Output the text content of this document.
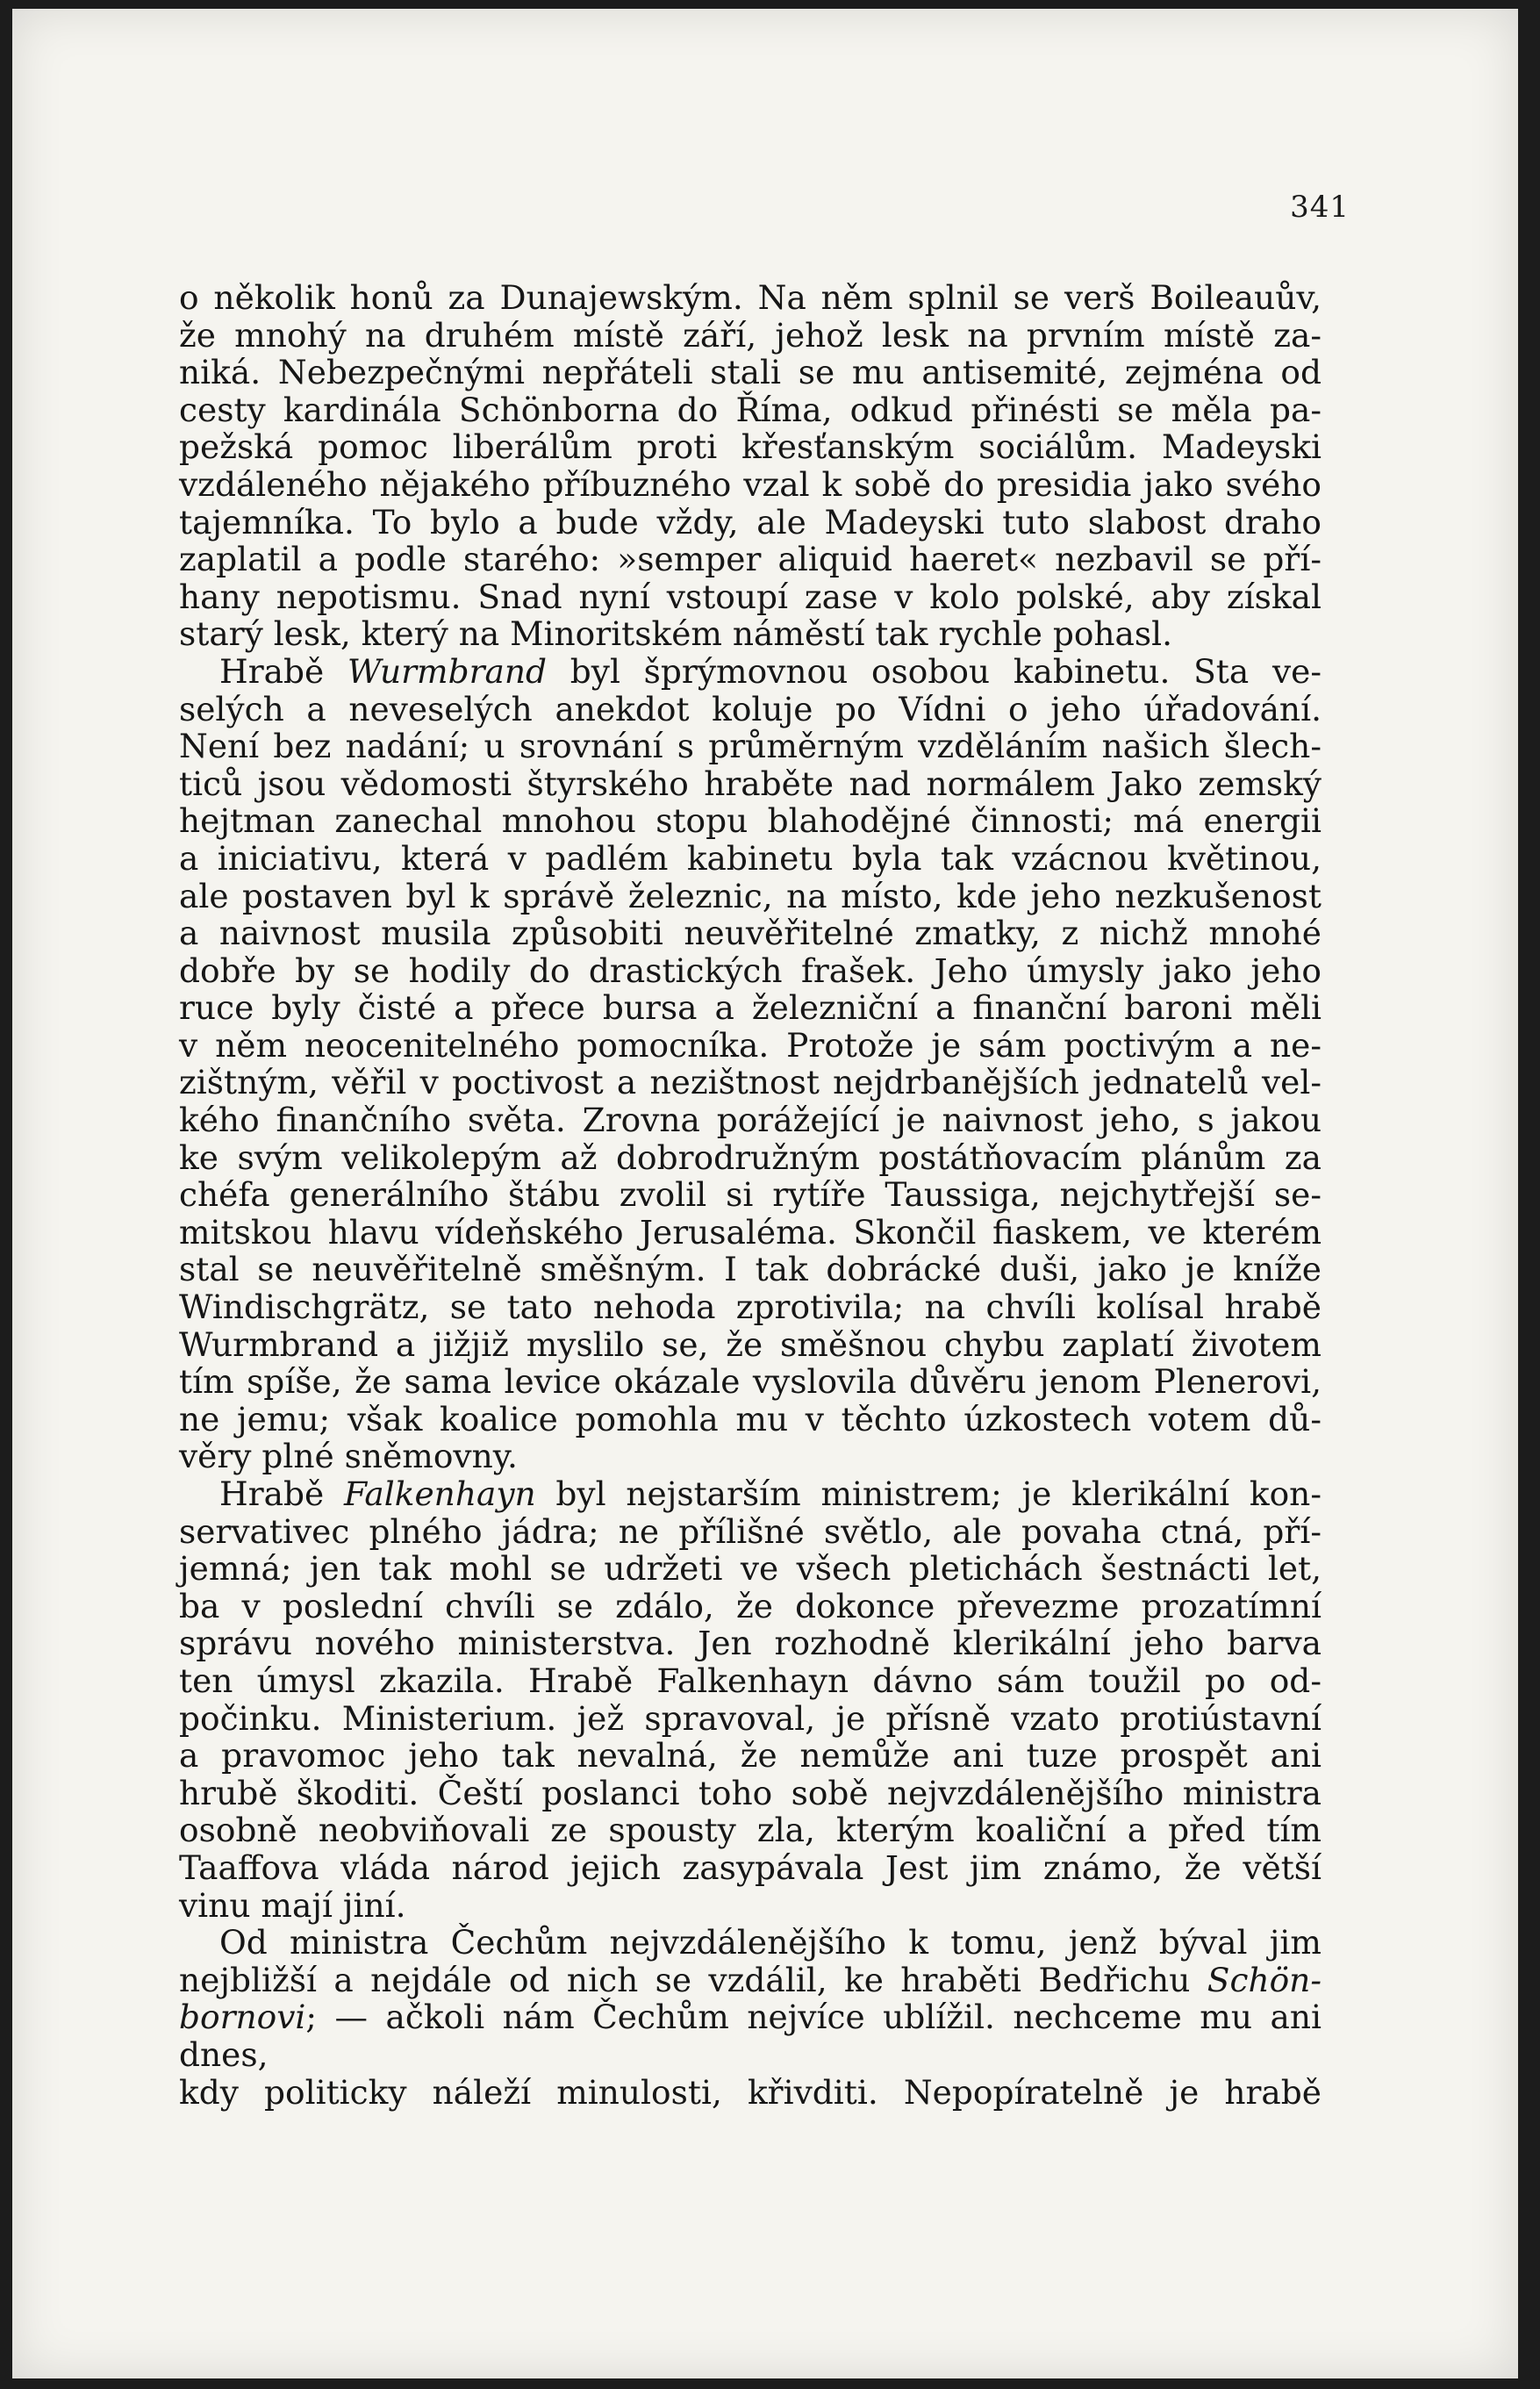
341

o několik honů za Dunajewským. Na něm splnil se verš Boileauův,

že mnohý na druhém místě září, jehož lesk na prvním místě za-

niká. Nebezpečnými nepřáteli stali se mu antisemité, zejména od

cesty kardinála Schönborna do Říma, odkud přinésti se měla pa-

pežská pomoc liberálům proti křesťanským sociálům. Madeyski

vzdáleného nějakého příbuzného vzal k sobě do presidia jako svého

tajemníka. To bylo a bude vždy, ale Madeyski tuto slabost draho

zaplatil a podle starého: »semper aliquid haeret« nezbavil se pří-

hany nepotismu. Snad nyní vstoupí zase v kolo polské, aby získal

starý lesk, který na Minoritském náměstí tak rychle pohasl.

Hrabě Wurmbrand byl šprýmovnou osobou kabinetu. Sta ve-

selých a neveselých anekdot koluje po Vídni o jeho úřadování.

Není bez nadání; u srovnání s průměrným vzděláním našich šlech-

ticů jsou vědomosti štyrského hraběte nad normálem Jako zemský

hejtman zanechal mnohou stopu blahodějné činnosti; má energii

a iniciativu, která v padlém kabinetu byla tak vzácnou květinou,

ale postaven byl k správě železnic, na místo, kde jeho nezkušenost

a naivnost musila způsobiti neuvěřitelné zmatky, z nichž mnohé

dobře by se hodily do drastických frašek. Jeho úmysly jako jeho

ruce byly čisté a přece bursa a železniční a finanční baroni měli

v něm neocenitelného pomocníka. Protože je sám poctivým a ne-

zištným, věřil v poctivost a nezištnost nejdrbanějších jednatelů vel-

kého finančního světa. Zrovna porážející je naivnost jeho, s jakou

ke svým velikolepým až dobrodružným postátňovacím plánům za

chéfa generálního štábu zvolil si rytíře Taussiga, nejchytřejší se-

mitskou hlavu vídeňského Jerusaléma. Skončil fiaskem, ve kterém

stal se neuvěřitelně směšným. I tak dobrácké duši, jako je kníže

Windischgrätz, se tato nehoda zprotivila; na chvíli kolísal hrabě

Wurmbrand a jižjiž myslilo se, že směšnou chybu zaplatí životem

tím spíše, že sama levice okázale vyslovila důvěru jenom Plenerovi,

ne jemu; však koalice pomohla mu v těchto úzkostech votem dů-

věry plné sněmovny.

Hrabě Falkenhayn byl nejstarším ministrem; je klerikální kon-

servativec plného jádra; ne přílišné světlo, ale povaha ctná, pří-

jemná; jen tak mohl se udržeti ve všech pletichách šestnácti let,

ba v poslední chvíli se zdálo, že dokonce převezme prozatímní

správu nového ministerstva. Jen rozhodně klerikální jeho barva

ten úmysl zkazila. Hrabě Falkenhayn dávno sám toužil po od-

počinku. Ministerium. jež spravoval, je přísně vzato protiústavní

a pravomoc jeho tak nevalná, že nemůže ani tuze prospět ani

hrubě škoditi. Čeští poslanci toho sobě nejvzdálenějšího ministra

osobně neobviňovali ze spousty zla, kterým koaliční a před tím

Taaffova vláda národ jejich zasypávala Jest jim známo, že větší

vinu mají jiní.

Od ministra Čechům nejvzdálenějšího k tomu, jenž býval jim

nejbližší a nejdále od nich se vzdálil, ke hraběti Bedřichu Schön-

bornovi; — ačkoli nám Čechům nejvíce ublížil. nechceme mu ani dnes,

kdy politicky náleží minulosti, křivditi. Nepopíratelně je hrabě
